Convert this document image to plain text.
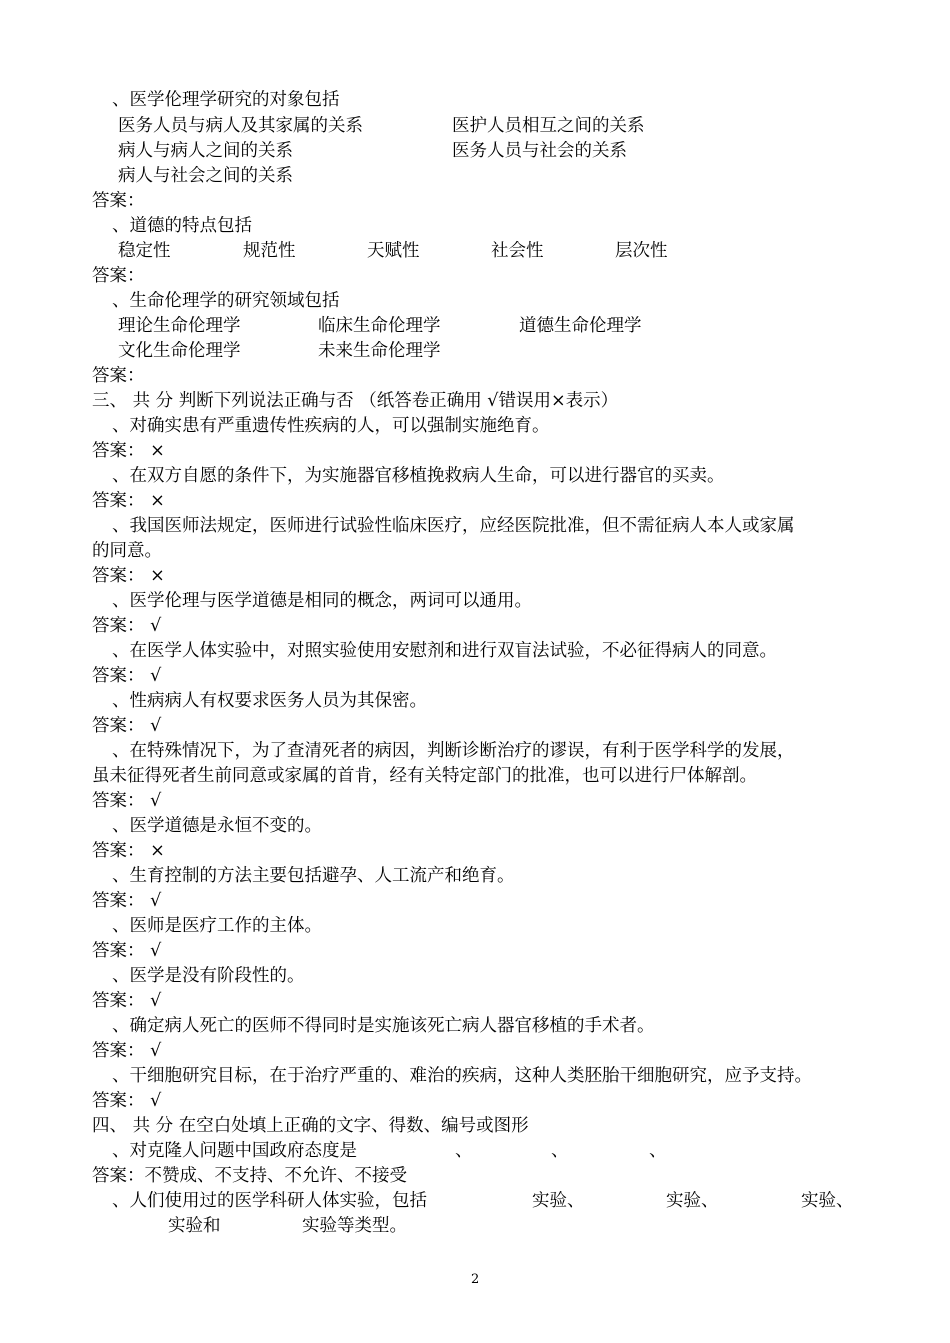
、医学伦理学研究的对象包括
医务人员与病人及其家属的关系	医护人员相互之间的关系
病人与病人之间的关系	医务人员与社会的关系
病人与社会之间的关系
答案：
、道德的特点包括
稳定性	规范性	天赋性	社会性	层次性
答案：
、生命伦理学的研究领域包括
理论生命伦理学	临床生命伦理学	道德生命伦理学
文化生命伦理学	未来生命伦理学
答案：
三、 共 分 判断下列说法正确与否 （纸答卷正确用 √错误用×表示）
、对确实患有严重遗传性疾病的人，可以强制实施绝育。
答案： ×
、在双方自愿的条件下，为实施器官移植挽救病人生命，可以进行器官的买卖。
答案： ×
、我国医师法规定，医师进行试验性临床医疗，应经医院批准，但不需征病人本人或家属
的同意。
答案： ×
、医学伦理与医学道德是相同的概念，两词可以通用。
答案： √
、在医学人体实验中，对照实验使用安慰剂和进行双盲法试验，不必征得病人的同意。
答案： √
、性病病人有权要求医务人员为其保密。
答案： √
、在特殊情况下，为了查清死者的病因，判断诊断治疗的谬误，有利于医学科学的发展，
虽未征得死者生前同意或家属的首肯，经有关特定部门的批准，也可以进行尸体解剖。
答案： √
、医学道德是永恒不变的。
答案： ×
、生育控制的方法主要包括避孕、人工流产和绝育。
答案： √
、医师是医疗工作的主体。
答案： √
、医学是没有阶段性的。
答案： √
、确定病人死亡的医师不得同时是实施该死亡病人器官移植的手术者。
答案： √
、干细胞研究目标，在于治疗严重的、难治的疾病，这种人类胚胎干细胞研究，应予支持。
答案： √
四、 共 分 在空白处填上正确的文字、得数、编号或图形
、对克隆人问题中国政府态度是	、	、	、
答案：不赞成、不支持、不允许、不接受
、人们使用过的医学科研人体实验，包括	实验、	实验、	实验、
实验和	实验等类型。
2
